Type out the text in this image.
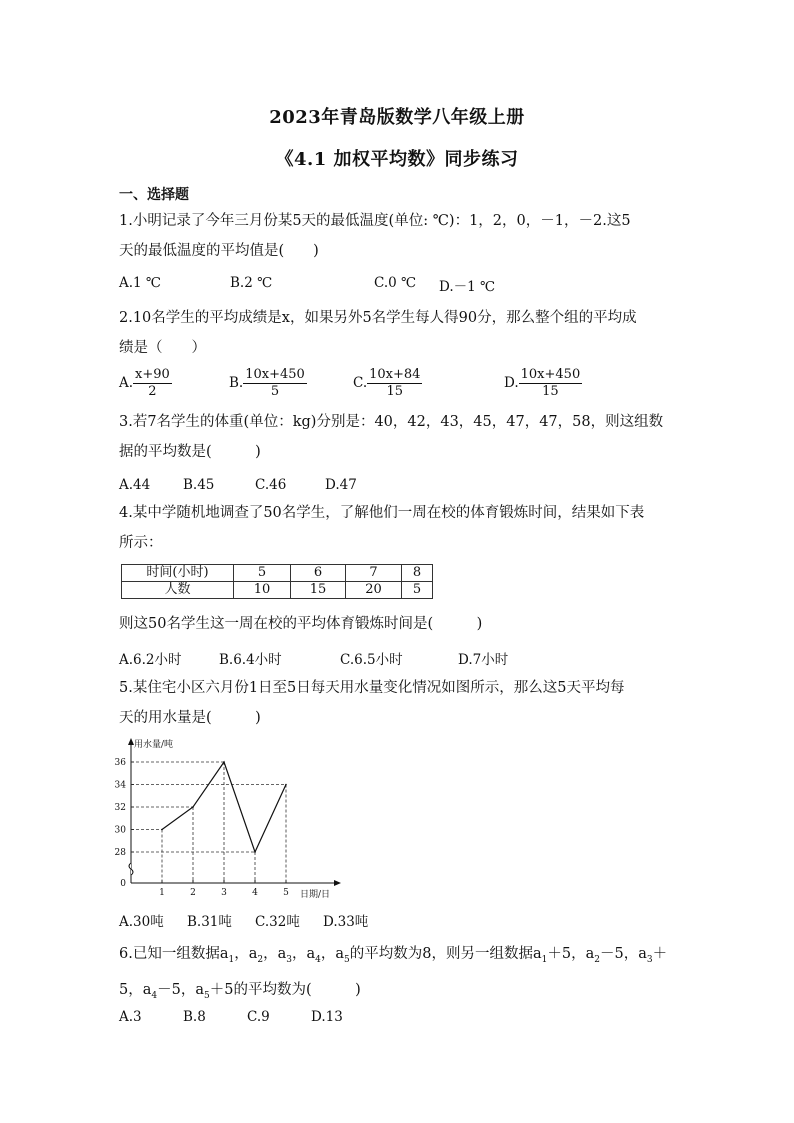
2023年青岛版数学八年级上册
《4.1 加权平均数》同步练习
一、选择题
1.小明记录了今年三月份某5天的最低温度(单位: ℃)：1，2，0，－1，－2.这5
天的最低温度的平均值是(　　)
A.1 ℃	B.2 ℃	C.0 ℃ D.－1 ℃
2.10名学生的平均成绩是x，如果另外5名学生每人得90分，那么整个组的平均成
绩是（　　）
A. $\frac{x+90}{2}$	B. $\frac{10x+450}{5}$	C. $\frac{10x+84}{15}$	D. $\frac{10x+450}{15}$
3.若7名学生的体重(单位：kg)分别是：40，42，43，45，47，47，58，则这组数
据的平均数是(　　　)
A.44 B.45	C.46	D.47
4.某中学随机地调查了50名学生，了解他们一周在校的体育锻炼时间，结果如下表
所示：
时间(小时)	5	6	7	8
人数	10	15	20	5
则这50名学生这一周在校的平均体育锻炼时间是(　　　)
A.6.2小时	B.6.4小时	C.6.5小时	D.7小时
5.某住宅小区六月份1日至5日每天用水量变化情况如图所示，那么这5天平均每
天的用水量是(　　　)
用水量/吨
日期/日
0
28
30
32
34
36
1	2	3	4	5
A.30吨 B.31吨 C.32吨 D.33吨
6.已知一组数据$a_1$，$a_2$，$a_3$，$a_4$，$a_5$的平均数为8，则另一组数据$a_1+5$，$a_2-5$，$a_3+$
5，$a_4-5$，$a_5+5$的平均数为(　　　)
A.3	B.8	C.9	D.13
